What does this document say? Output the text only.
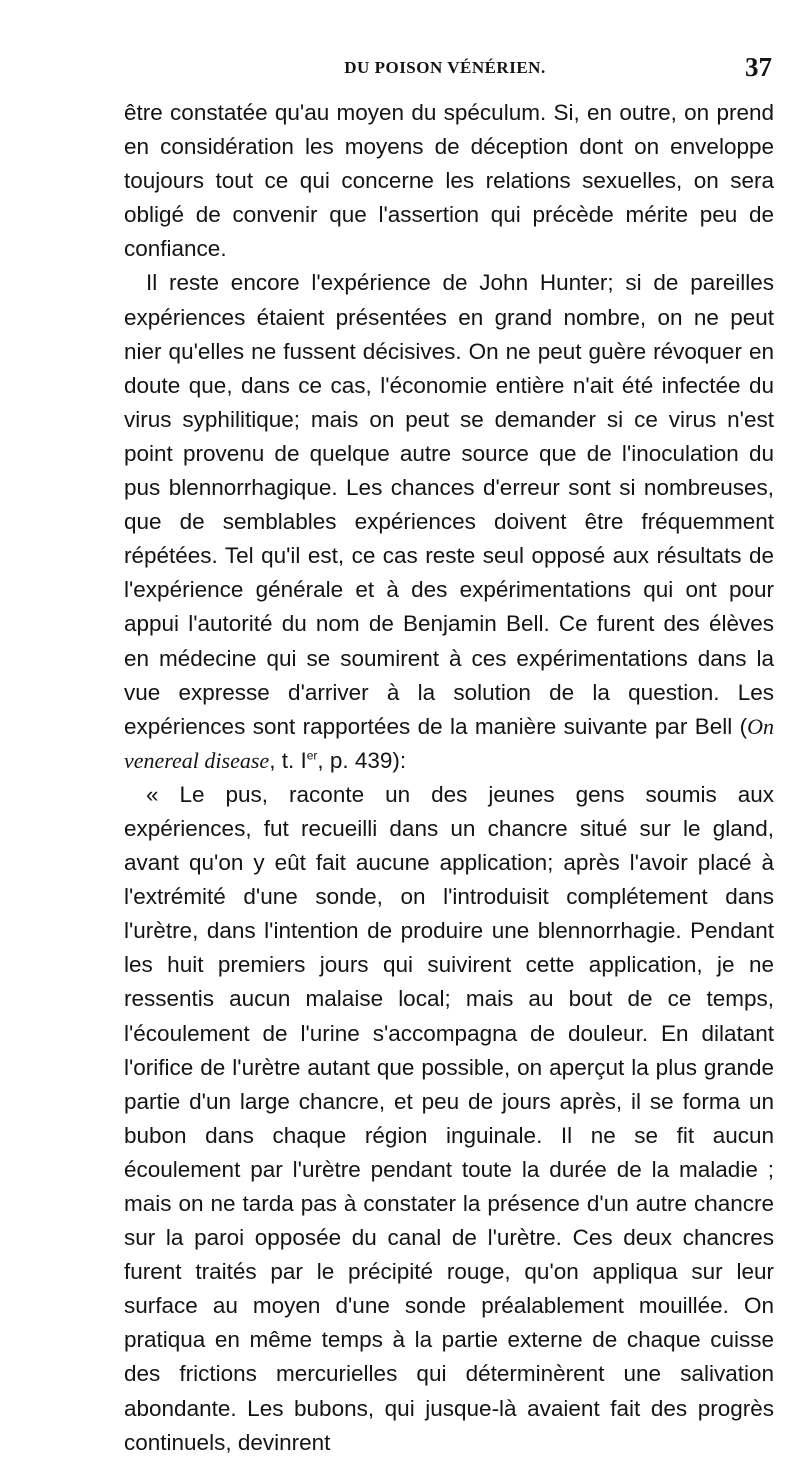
DU POISON VÉNÉRIEN.	37

être constatée qu'au moyen du spéculum. Si, en outre, on prend en considération les moyens de déception dont on enveloppe toujours tout ce qui concerne les relations sexuelles, on sera obligé de convenir que l'assertion qui précède mérite peu de confiance.

Il reste encore l'expérience de John Hunter; si de pareilles expériences étaient présentées en grand nombre, on ne peut nier qu'elles ne fussent décisives. On ne peut guère révoquer en doute que, dans ce cas, l'économie entière n'ait été infectée du virus syphilitique; mais on peut se demander si ce virus n'est point provenu de quelque autre source que de l'inoculation du pus blennorrhagique. Les chances d'erreur sont si nombreuses, que de semblables expériences doivent être fréquemment répétées. Tel qu'il est, ce cas reste seul opposé aux résultats de l'expérience générale et à des expérimentations qui ont pour appui l'autorité du nom de Benjamin Bell. Ce furent des élèves en médecine qui se soumirent à ces expérimentations dans la vue expresse d'arriver à la solution de la question. Les expériences sont rapportées de la manière suivante par Bell (On venereal disease, t. Ier, p. 439):

« Le pus, raconte un des jeunes gens soumis aux expériences, fut recueilli dans un chancre situé sur le gland, avant qu'on y eût fait aucune application; après l'avoir placé à l'extrémité d'une sonde, on l'introduisit complétement dans l'urètre, dans l'intention de produire une blennorrhagie. Pendant les huit premiers jours qui suivirent cette application, je ne ressentis aucun malaise local; mais au bout de ce temps, l'écoulement de l'urine s'accompagna de douleur. En dilatant l'orifice de l'urètre autant que possible, on aperçut la plus grande partie d'un large chancre, et peu de jours après, il se forma un bubon dans chaque région inguinale. Il ne se fit aucun écoulement par l'urètre pendant toute la durée de la maladie ; mais on ne tarda pas à constater la présence d'un autre chancre sur la paroi opposée du canal de l'urètre. Ces deux chancres furent traités par le précipité rouge, qu'on appliqua sur leur surface au moyen d'une sonde préalablement mouillée. On pratiqua en même temps à la partie externe de chaque cuisse des frictions mercurielles qui déterminèrent une salivation abondante. Les bubons, qui jusque-là avaient fait des progrès continuels, devinrent
